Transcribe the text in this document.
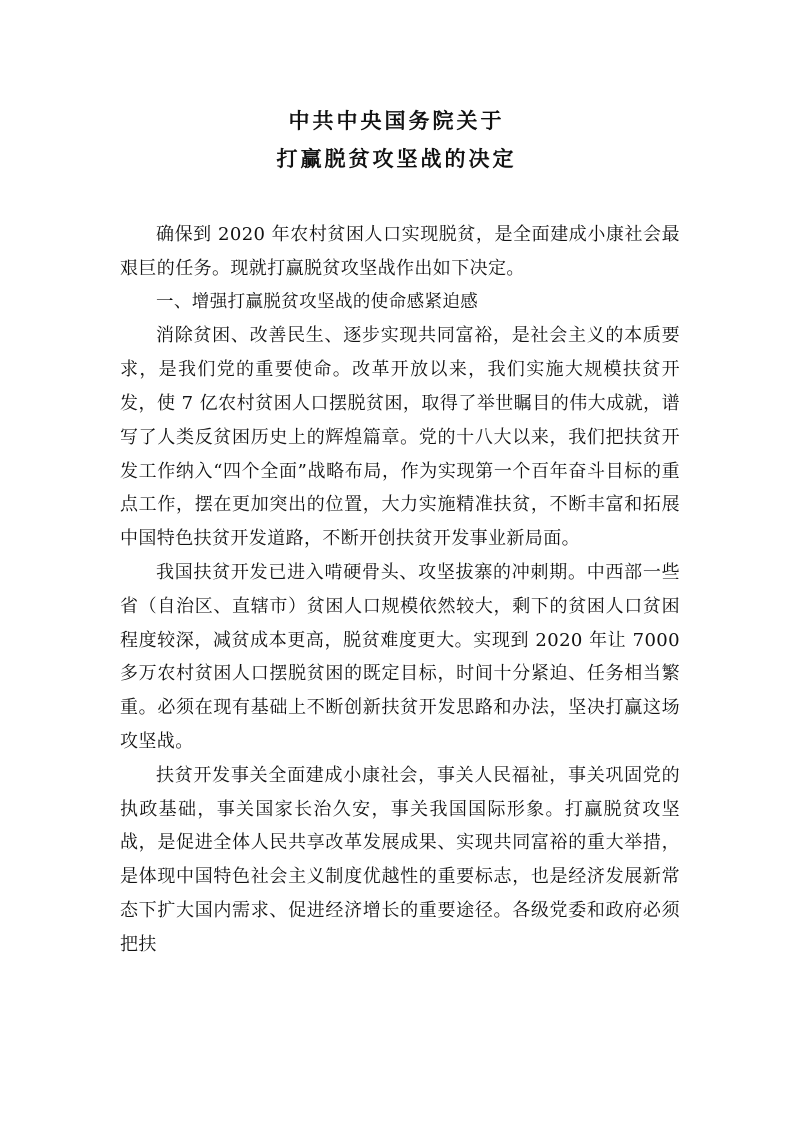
中共中央国务院关于
打赢脱贫攻坚战的决定

确保到 2020 年农村贫困人口实现脱贫，是全面建成小康社会最艰巨的任务。现就打赢脱贫攻坚战作出如下决定。

一、增强打赢脱贫攻坚战的使命感紧迫感

消除贫困、改善民生、逐步实现共同富裕，是社会主义的本质要求，是我们党的重要使命。改革开放以来，我们实施大规模扶贫开发，使 7 亿农村贫困人口摆脱贫困，取得了举世瞩目的伟大成就，谱写了人类反贫困历史上的辉煌篇章。党的十八大以来，我们把扶贫开发工作纳入“四个全面”战略布局，作为实现第一个百年奋斗目标的重点工作，摆在更加突出的位置，大力实施精准扶贫，不断丰富和拓展中国特色扶贫开发道路，不断开创扶贫开发事业新局面。

我国扶贫开发已进入啃硬骨头、攻坚拔寨的冲刺期。中西部一些省（自治区、直辖市）贫困人口规模依然较大，剩下的贫困人口贫困程度较深，减贫成本更高，脱贫难度更大。实现到 2020 年让 7000 多万农村贫困人口摆脱贫困的既定目标，时间十分紧迫、任务相当繁重。必须在现有基础上不断创新扶贫开发思路和办法，坚决打赢这场攻坚战。

扶贫开发事关全面建成小康社会，事关人民福祉，事关巩固党的执政基础，事关国家长治久安，事关我国国际形象。打赢脱贫攻坚战，是促进全体人民共享改革发展成果、实现共同富裕的重大举措，是体现中国特色社会主义制度优越性的重要标志，也是经济发展新常态下扩大国内需求、促进经济增长的重要途径。各级党委和政府必须把扶
